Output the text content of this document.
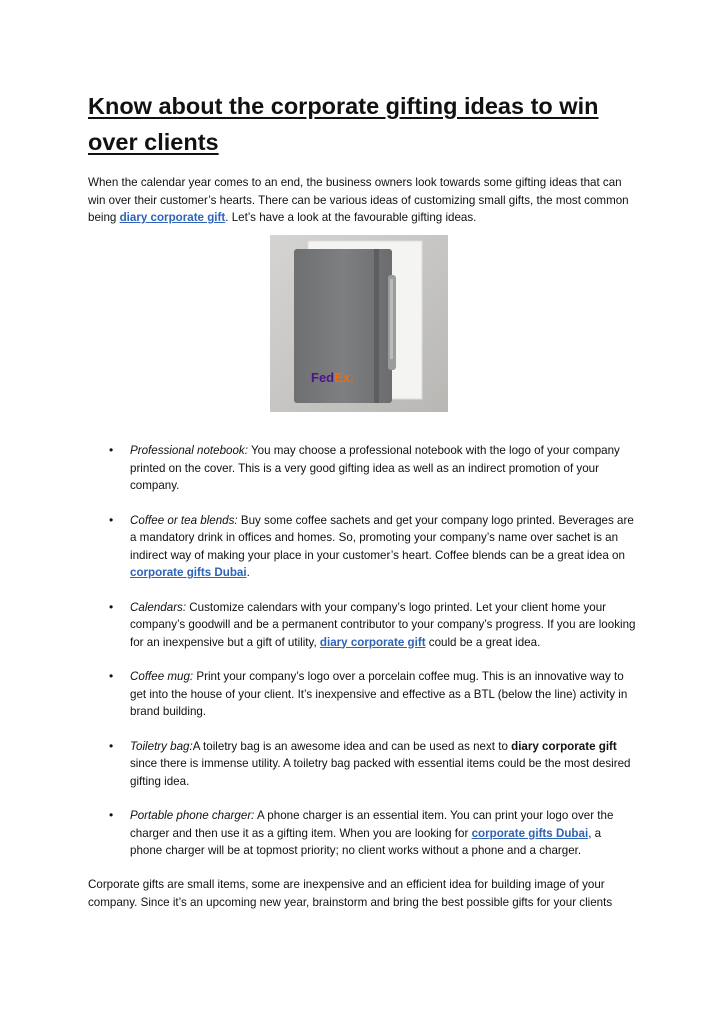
Know about the corporate gifting ideas to win over clients

When the calendar year comes to an end, the business owners look towards some gifting ideas that can win over their customer’s hearts. There can be various ideas of customizing small gifts, the most common being diary corporate gift. Let’s have a look at the favourable gifting ideas.

FedEx.
• Professional notebook: You may choose a professional notebook with the logo of your company printed on the cover. This is a very good gifting idea as well as an indirect promotion of your company.
• Coffee or tea blends: Buy some coffee sachets and get your company logo printed. Beverages are a mandatory drink in offices and homes. So, promoting your company’s name over sachet is an indirect way of making your place in your customer’s heart. Coffee blends can be a great idea on corporate gifts Dubai.
• Calendars: Customize calendars with your company’s logo printed. Let your client home your company’s goodwill and be a permanent contributor to your company’s progress. If you are looking for an inexpensive but a gift of utility, diary corporate gift could be a great idea.
• Coffee mug: Print your company’s logo over a porcelain coffee mug. This is an innovative way to get into the house of your client. It’s inexpensive and effective as a BTL (below the line) activity in brand building.
• Toiletry bag:A toiletry bag is an awesome idea and can be used as next to diary corporate gift since there is immense utility. A toiletry bag packed with essential items could be the most desired gifting idea.
• Portable phone charger: A phone charger is an essential item. You can print your logo over the charger and then use it as a gifting item. When you are looking for corporate gifts Dubai, a phone charger will be at topmost priority; no client works without a phone and a charger.

Corporate gifts are small items, some are inexpensive and an efficient idea for building image of your company. Since it’s an upcoming new year, brainstorm and bring the best possible gifts for your clients
